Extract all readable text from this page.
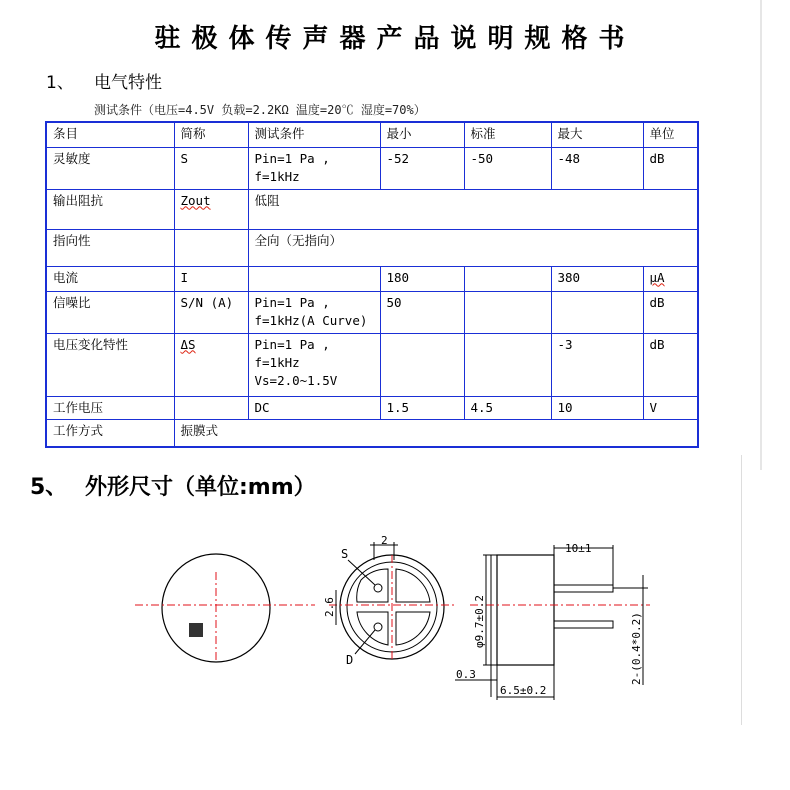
驻极体传声器产品说明规格书
1、 电气特性
测试条件（电压=4.5V 负载=2.2KΩ 温度=20℃ 湿度=70%）
条目	简称	测试条件	最小	标准	最大	单位
灵敏度	S	Pin=1 Pa ,
f=1kHz	-52	-50	-48	dB
输出阻抗	Zout	低阻				
指向性		全向（无指向）				
电流	I		180		380	μA
信噪比	S/N (A)	Pin=1 Pa ,
f=1kHz(A Curve)	50			dB
电压变化特性	ΔS	Pin=1 Pa ,
f=1kHz
Vs=2.0~1.5V			-3	dB
工作电压		DC	1.5	4.5	10	V
工作方式	振膜式					
5、 外形尺寸（单位:mm）
2
2.6
S
D
φ9.7±0.2
10±1
2-(0.4*0.2)
0.3
6.5±0.2
